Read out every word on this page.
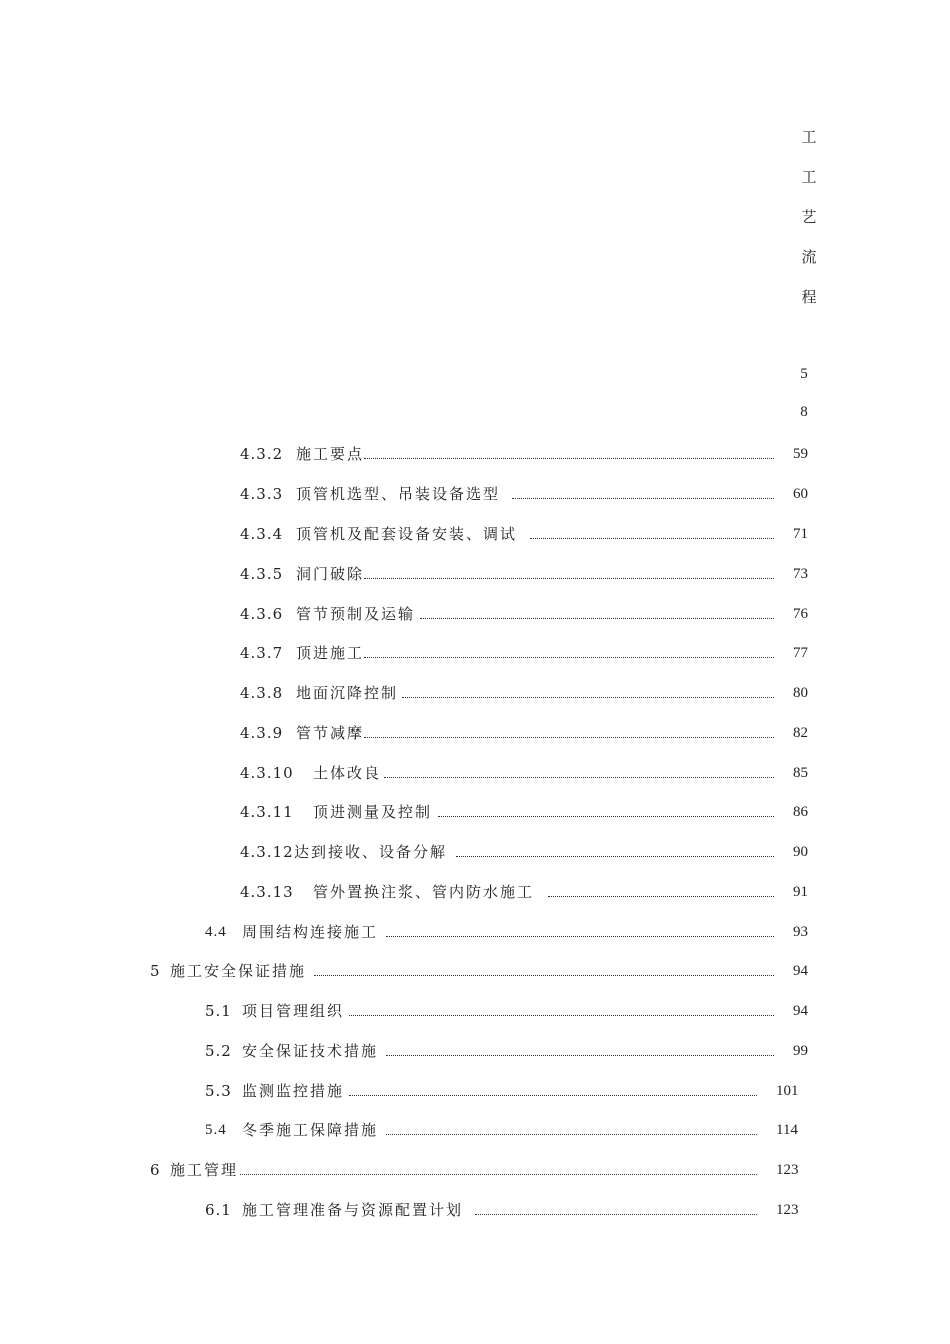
工
工
艺
流
程
5
8
4.3.2 施工要点	59
4.3.3 顶管机选型、吊装设备选型	60
4.3.4 顶管机及配套设备安装、调试	71
4.3.5 洞门破除	73
4.3.6 管节预制及运输	76
4.3.7 顶进施工	77
4.3.8 地面沉降控制	80
4.3.9 管节减摩	82
4.3.10 土体改良	85
4.3.11 顶进测量及控制	86
4.3.12 达到接收、设备分解	90
4.3.13 管外置换注浆、管内防水施工	91
4.4 周围结构连接施工	93
5 施工安全保证措施	94
5.1 项目管理组织	94
5.2 安全保证技术措施	99
5.3 监测监控措施	101
5.4 冬季施工保障措施	114
6 施工管理	123
6.1 施工管理准备与资源配置计划	123
